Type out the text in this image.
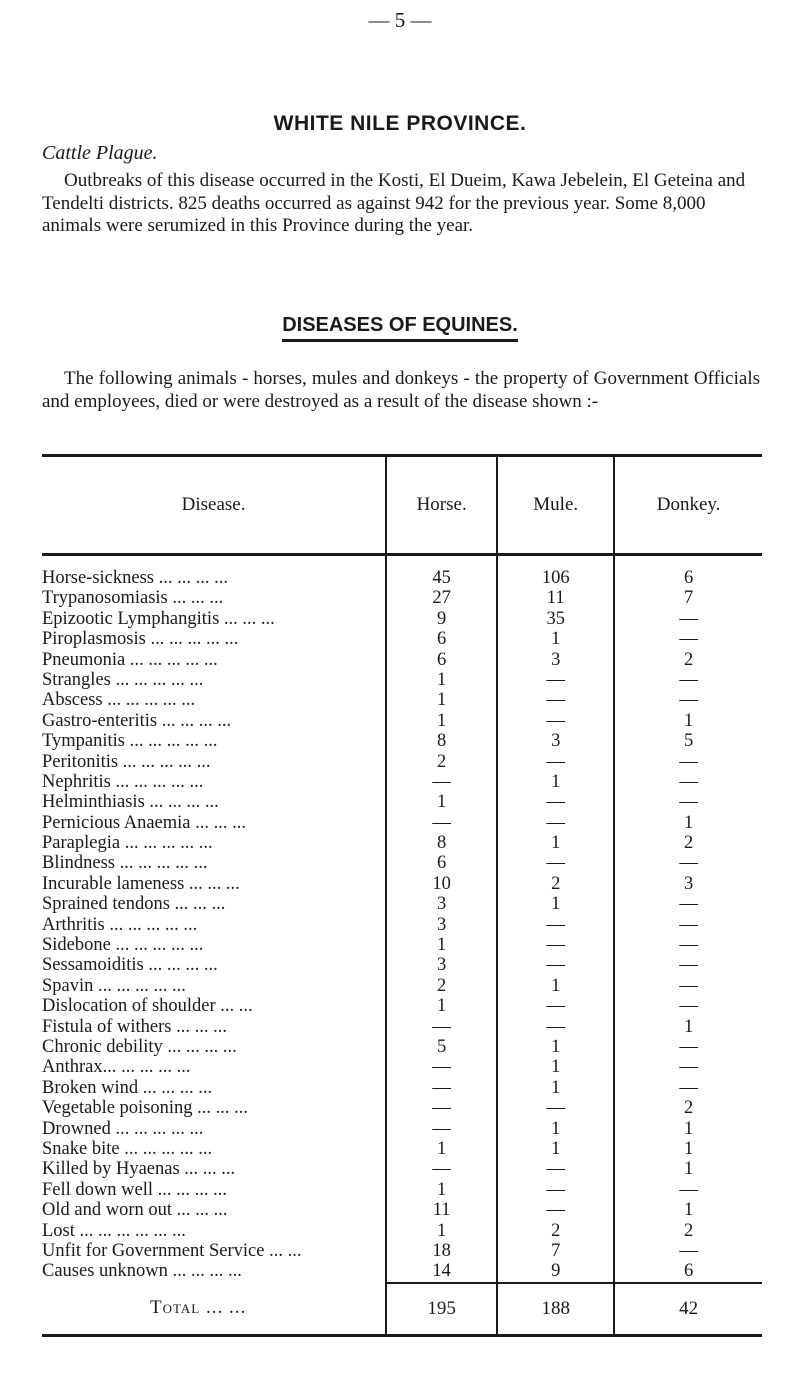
— 5 —
WHITE NILE PROVINCE.
Cattle Plague.
Outbreaks of this disease occurred in the Kosti, El Dueim, Kawa Jebelein, El Geteina and Tendelti districts. 825 deaths occurred as against 942 for the previous year. Some 8,000 animals were serumized in this Province during the year.
DISEASES OF EQUINES.
The following animals - horses, mules and donkeys - the property of Government Officials and employees, died or were destroyed as a result of the disease shown :-
Disease.	Horse.	Mule.	Donkey.
Horse-sickness ... ... ... ...	45	106	6
Trypanosomiasis ... ... ...	27	11	7
Epizootic Lymphangitis ... ... ...	9	35	—
Piroplasmosis ... ... ... ... ...	6	1	—
Pneumonia ... ... ... ... ...	6	3	2
Strangles ... ... ... ... ...	1	—	—
Abscess ... ... ... ... ...	1	—	—
Gastro-enteritis ... ... ... ...	1	—	1
Tympanitis ... ... ... ... ...	8	3	5
Peritonitis ... ... ... ... ...	2	—	—
Nephritis ... ... ... ... ...	—	1	—
Helminthiasis ... ... ... ...	1	—	—
Pernicious Anaemia ... ... ...	—	—	1
Paraplegia ... ... ... ... ...	8	1	2
Blindness ... ... ... ... ...	6	—	—
Incurable lameness ... ... ...	10	2	3
Sprained tendons ... ... ...	3	1	—
Arthritis ... ... ... ... ...	3	—	—
Sidebone ... ... ... ... ...	1	—	—
Sessamoiditis ... ... ... ...	3	—	—
Spavin ... ... ... ... ...	2	1	—
Dislocation of shoulder ... ...	1	—	—
Fistula of withers ... ... ...	—	—	1
Chronic debility ... ... ... ...	5	1	—
Anthrax... ... ... ... ...	—	1	—
Broken wind ... ... ... ...	—	1	—
Vegetable poisoning ... ... ...	—	—	2
Drowned ... ... ... ... ...	—	1	1
Snake bite ... ... ... ... ...	1	1	1
Killed by Hyaenas ... ... ...	—	—	1
Fell down well ... ... ... ...	1	—	—
Old and worn out ... ... ...	11	—	1
Lost ... ... ... ... ... ...	1	2	2
Unfit for Government Service ... ...	18	7	—
Causes unknown ... ... ... ...	14	9	6
Total ... ...	195	188	42
